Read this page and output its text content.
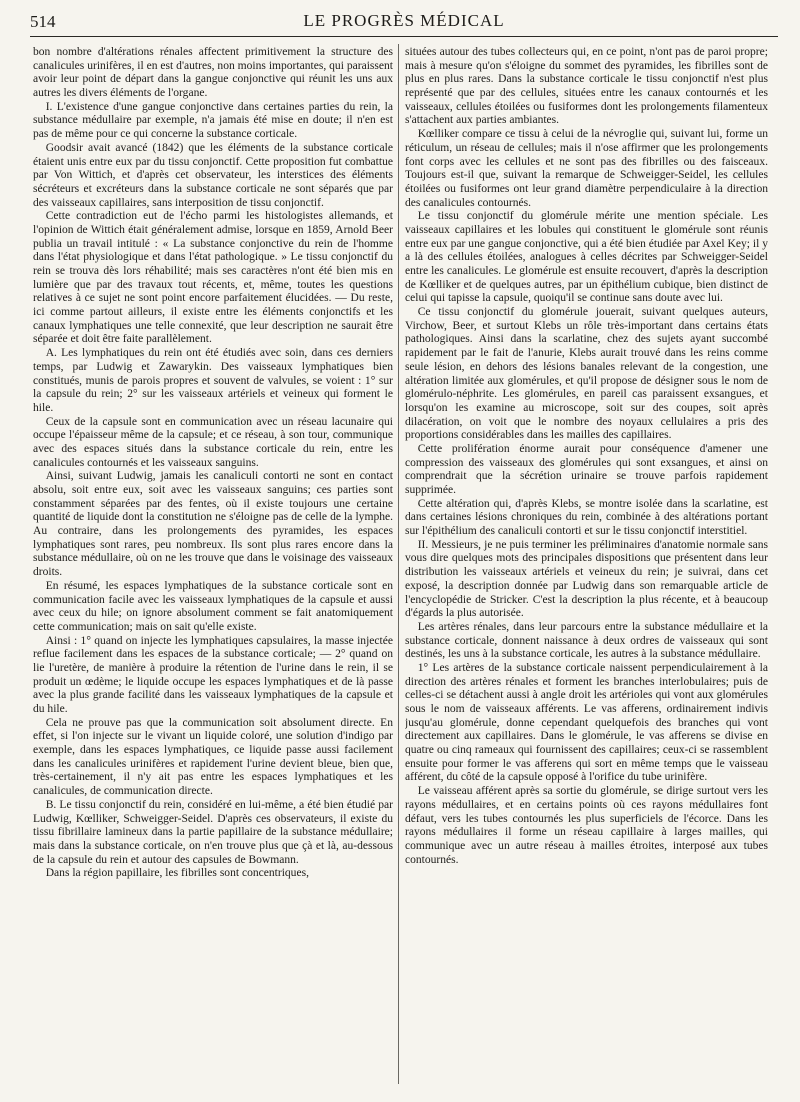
514	LE PROGRÈS MÉDICAL

bon nombre d'altérations rénales affectent primitivement la structure des canalicules urinifères, il en est d'autres, non moins importantes, qui paraissent avoir leur point de départ dans la gangue conjonctive qui réunit les uns aux autres les divers éléments de l'organe.

I. L'existence d'une gangue conjonctive dans certaines parties du rein, la substance médullaire par exemple, n'a jamais été mise en doute; il n'en est pas de même pour ce qui concerne la substance corticale.

Goodsir avait avancé (1842) que les éléments de la substance corticale étaient unis entre eux par du tissu conjonctif. Cette proposition fut combattue par Von Wittich, et d'après cet observateur, les interstices des éléments sécréteurs et excréteurs dans la substance corticale ne sont séparés que par des vaisseaux capillaires, sans interposition de tissu conjonctif.

Cette contradiction eut de l'écho parmi les histologistes allemands, et l'opinion de Wittich était généralement admise, lorsque en 1859, Arnold Beer publia un travail intitulé : « La substance conjonctive du rein de l'homme dans l'état physiologique et dans l'état pathologique. » Le tissu conjonctif du rein se trouva dès lors réhabilité; mais ses caractères n'ont été bien mis en lumière que par des travaux tout récents, et, même, toutes les questions relatives à ce sujet ne sont point encore parfaitement élucidées. — Du reste, ici comme partout ailleurs, il existe entre les éléments conjonctifs et les canaux lymphatiques une telle connexité, que leur description ne saurait être séparée et doit être faite parallèlement.

A. Les lymphatiques du rein ont été étudiés avec soin, dans ces derniers temps, par Ludwig et Zawarykin. Des vaisseaux lymphatiques bien constitués, munis de parois propres et souvent de valvules, se voient : 1° sur la capsule du rein; 2° sur les vaisseaux artériels et veineux qui forment le hile.

Ceux de la capsule sont en communication avec un réseau lacunaire qui occupe l'épaisseur même de la capsule; et ce réseau, à son tour, communique avec des espaces situés dans la substance corticale du rein, entre les canalicules contournés et les vaisseaux sanguins.

Ainsi, suivant Ludwig, jamais les canaliculi contorti ne sont en contact absolu, soit entre eux, soit avec les vaisseaux sanguins; ces parties sont constamment séparées par des fentes, où il existe toujours une certaine quantité de liquide dont la constitution ne s'éloigne pas de celle de la lymphe. Au contraire, dans les prolongements des pyramides, les espaces lymphatiques sont rares, peu nombreux. Ils sont plus rares encore dans la substance médullaire, où on ne les trouve que dans le voisinage des vaisseaux droits.

En résumé, les espaces lymphatiques de la substance corticale sont en communication facile avec les vaisseaux lymphatiques de la capsule et aussi avec ceux du hile; on ignore absolument comment se fait anatomiquement cette communication; mais on sait qu'elle existe.

Ainsi : 1° quand on injecte les lymphatiques capsulaires, la masse injectée reflue facilement dans les espaces de la substance corticale; — 2° quand on lie l'uretère, de manière à produire la rétention de l'urine dans le rein, il se produit un œdème; le liquide occupe les espaces lymphatiques et de là passe avec la plus grande facilité dans les vaisseaux lymphatiques de la capsule et du hile.

Cela ne prouve pas que la communication soit absolument directe. En effet, si l'on injecte sur le vivant un liquide coloré, une solution d'indigo par exemple, dans les espaces lymphatiques, ce liquide passe aussi facilement dans les canalicules urinifères et rapidement l'urine devient bleue, bien que, très-certainement, il n'y ait pas entre les espaces lymphatiques et les canalicules, de communication directe.

B. Le tissu conjonctif du rein, considéré en lui-même, a été bien étudié par Ludwig, Kœlliker, Schweigger-Seidel. D'après ces observateurs, il existe du tissu fibrillaire lamineux dans la partie papillaire de la substance médullaire; mais dans la substance corticale, on n'en trouve plus que çà et là, au-dessous de la capsule du rein et autour des capsules de Bowmann.

Dans la région papillaire, les fibrilles sont concentriques,

situées autour des tubes collecteurs qui, en ce point, n'ont pas de paroi propre; mais à mesure qu'on s'éloigne du sommet des pyramides, les fibrilles sont de plus en plus rares. Dans la substance corticale le tissu conjonctif n'est plus représenté que par des cellules, situées entre les canaux contournés et les vaisseaux, cellules étoilées ou fusiformes dont les prolongements filamenteux s'attachent aux parties ambiantes.

Kœlliker compare ce tissu à celui de la névroglie qui, suivant lui, forme un réticulum, un réseau de cellules; mais il n'ose affirmer que les prolongements font corps avec les cellules et ne sont pas des fibrilles ou des faisceaux. Toujours est-il que, suivant la remarque de Schweigger-Seidel, les cellules étoilées ou fusiformes ont leur grand diamètre perpendiculaire à la direction des canalicules contournés.

Le tissu conjonctif du glomérule mérite une mention spéciale. Les vaisseaux capillaires et les lobules qui constituent le glomérule sont réunis entre eux par une gangue conjonctive, qui a été bien étudiée par Axel Key; il y a là des cellules étoilées, analogues à celles décrites par Schweigger-Seidel entre les canalicules. Le glomérule est ensuite recouvert, d'après la description de Kœlliker et de quelques autres, par un épithélium cubique, bien distinct de celui qui tapisse la capsule, quoiqu'il se continue sans doute avec lui.

Ce tissu conjonctif du glomérule jouerait, suivant quelques auteurs, Virchow, Beer, et surtout Klebs un rôle très-important dans certains états pathologiques. Ainsi dans la scarlatine, chez des sujets ayant succombé rapidement par le fait de l'anurie, Klebs aurait trouvé dans les reins comme seule lésion, en dehors des lésions banales relevant de la congestion, une altération limitée aux glomérules, et qu'il propose de désigner sous le nom de glomérulo-néphrite. Les glomérules, en pareil cas paraissent exsangues, et lorsqu'on les examine au microscope, soit sur des coupes, soit après dilacération, on voit que le nombre des noyaux cellulaires a pris des proportions considérables dans les mailles des capillaires.

Cette prolifération énorme aurait pour conséquence d'amener une compression des vaisseaux des glomérules qui sont exsangues, et ainsi on comprendrait que la sécrétion urinaire se trouve parfois rapidement supprimée.

Cette altération qui, d'après Klebs, se montre isolée dans la scarlatine, est dans certaines lésions chroniques du rein, combinée à des altérations portant sur l'épithélium des canaliculi contorti et sur le tissu conjonctif interstitiel.

II. Messieurs, je ne puis terminer les préliminaires d'anatomie normale sans vous dire quelques mots des principales dispositions que présentent dans leur distribution les vaisseaux artériels et veineux du rein; je suivrai, dans cet exposé, la description donnée par Ludwig dans son remarquable article de l'encyclopédie de Stricker. C'est la description la plus récente, et à beaucoup d'égards la plus autorisée.

Les artères rénales, dans leur parcours entre la substance médullaire et la substance corticale, donnent naissance à deux ordres de vaisseaux qui sont destinés, les uns à la substance corticale, les autres à la substance médullaire.

1° Les artères de la substance corticale naissent perpendiculairement à la direction des artères rénales et forment les branches interlobulaires; puis de celles-ci se détachent aussi à angle droit les artérioles qui vont aux glomérules sous le nom de vaisseaux afférents. Le vas afferens, ordinairement indivis jusqu'au glomérule, donne cependant quelquefois des branches qui vont directement aux capillaires. Dans le glomérule, le vas afferens se divise en quatre ou cinq rameaux qui fournissent des capillaires; ceux-ci se rassemblent ensuite pour former le vas afferens qui sort en même temps que le vaisseau afférent, du côté de la capsule opposé à l'orifice du tube urinifère.

Le vaisseau afférent après sa sortie du glomérule, se dirige surtout vers les rayons médullaires, et en certains points où ces rayons médullaires font défaut, vers les tubes contournés les plus superficiels de l'écorce. Dans les rayons médullaires il forme un réseau capillaire à larges mailles, qui communique avec un autre réseau à mailles étroites, interposé aux tubes contournés.
